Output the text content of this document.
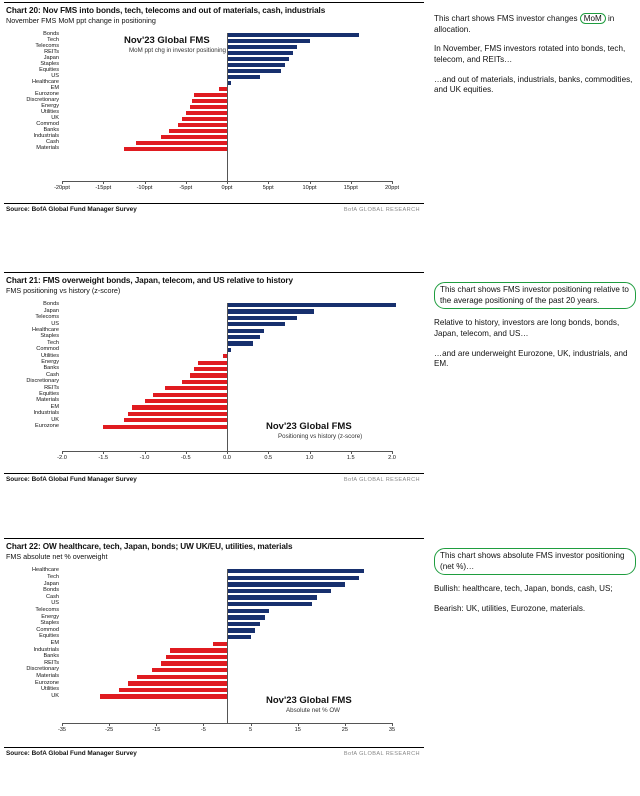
Chart 20: Nov FMS into bonds, tech, telecoms and out of materials, cash, industrials
November FMS MoM ppt change in positioning
Nov'23 Global FMS
MoM ppt chg in investor positioning
Bonds
Tech
Telecoms
REITs
Japan
Staples
Equities
US
Healthcare
EM
Eurozone
Discretionary
Energy
Utilities
UK
Commod
Banks
Industrials
Cash
Materials
-20ppt	-15ppt	-10ppt	-5ppt	0ppt	5ppt	10ppt	15ppt	20ppt
Source: BofA Global Fund Manager Survey	BofA GLOBAL RESEARCH
Chart 21: FMS overweight bonds, Japan, telecom, and US relative to history
FMS positioning vs history (z-score)
Nov'23 Global FMS
Positioning vs history (z-score)
Bonds
Japan
Telecoms
US
Healthcare
Staples
Tech
Commod
Utilities
Energy
Banks
Cash
Discretionary
REITs
Equities
Materials
EM
Industrials
UK
Eurozone
-2.0	-1.5	-1.0	-0.5	0.0	0.5	1.0	1.5	2.0
Source: BofA Global Fund Manager Survey	BofA GLOBAL RESEARCH
Chart 22: OW healthcare, tech, Japan, bonds; UW UK/EU, utilities, materials
FMS absolute net % overweight
Nov'23 Global FMS
Absolute net % OW
Healthcare
Tech
Japan
Bonds
Cash
US
Telecoms
Energy
Staples
Commod
Equities
EM
Industrials
Banks
REITs
Discretionary
Materials
Eurozone
Utilities
UK
-35	-25	-15	-5	5	15	25	35
Source: BofA Global Fund Manager Survey	BofA GLOBAL RESEARCH
This chart shows FMS investor changes MoM in allocation.
In November, FMS investors rotated into bonds, tech, telecom, and REITs…
…and out of materials, industrials, banks, commodities, and UK equities.
This chart shows FMS investor positioning relative to the average positioning of the past 20 years.
Relative to history, investors are long bonds, bonds, Japan, telecom, and US…
…and are underweight Eurozone, UK, industrials, and EM.
This chart shows absolute FMS investor positioning (net %)…
Bullish: healthcare, tech, Japan, bonds, cash, US;
Bearish: UK, utilities, Eurozone, materials.
